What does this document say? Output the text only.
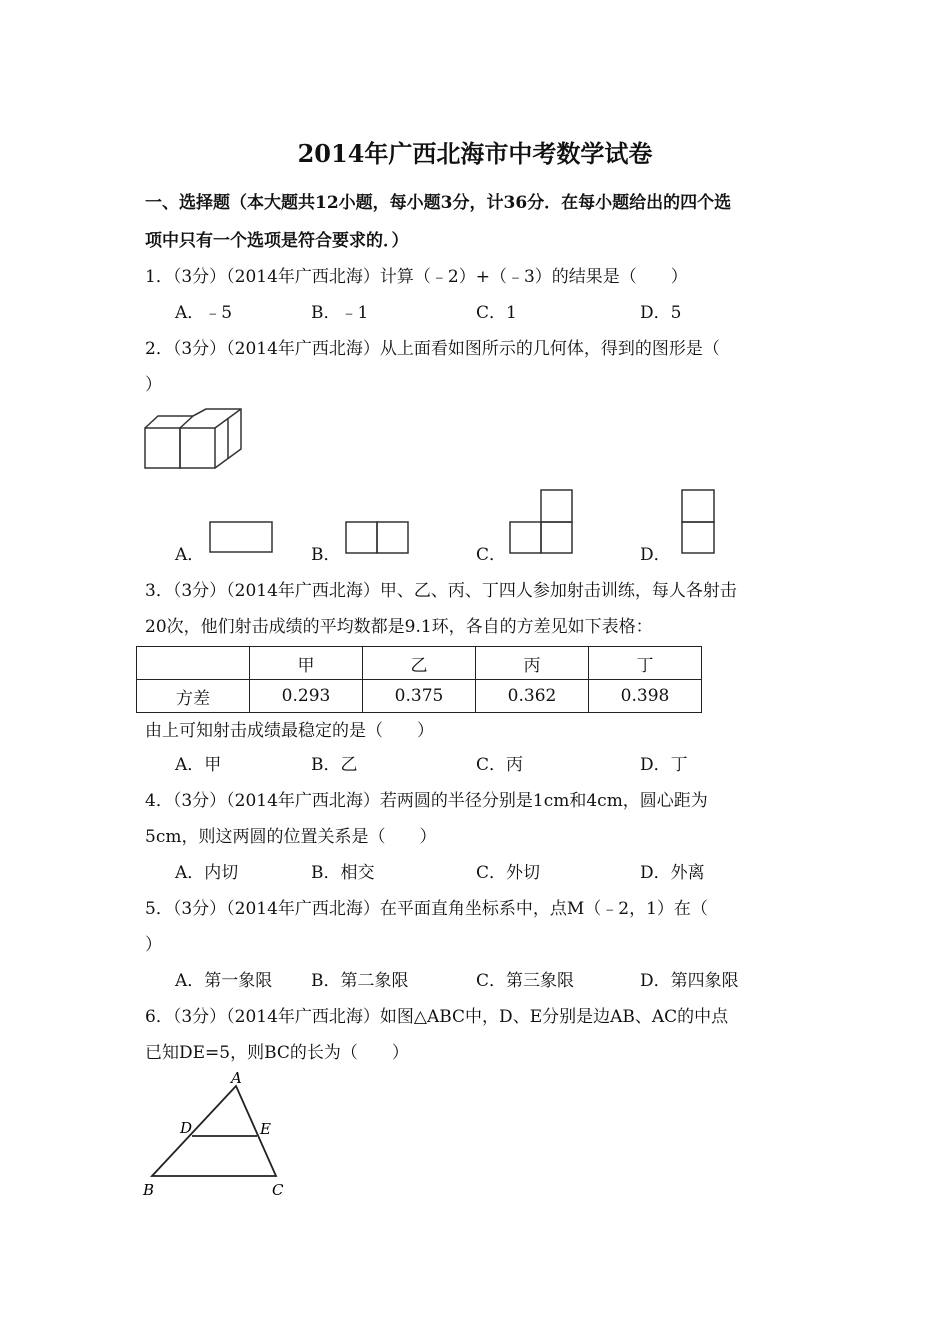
2014年广西北海市中考数学试卷
一、选择题（本大题共12小题，每小题3分，计36分．在每小题给出的四个选
项中只有一个选项是符合要求的．）
1．（3分）（2014年广西北海）计算（﹣2）+（﹣3）的结果是（　　）
A．﹣5	B．﹣1	C．1	D．5
2．（3分）（2014年广西北海）从上面看如图所示的几何体，得到的图形是（
）
A．	B．	C．	D．
3．（3分）（2014年广西北海）甲、乙、丙、丁四人参加射击训练，每人各射击
20次，他们射击成绩的平均数都是9.1环，各自的方差见如下表格：
	甲	乙	丙	丁
方差	0.293	0.375	0.362	0.398
由上可知射击成绩最稳定的是（　　）
A．甲	B．乙	C．丙	D．丁
4．（3分）（2014年广西北海）若两圆的半径分别是1cm和4cm，圆心距为
5cm，则这两圆的位置关系是（　　）
A．内切	B．相交	C．外切	D．外离
5．（3分）（2014年广西北海）在平面直角坐标系中，点M（﹣2，1）在（
）
A．第一象限 B．第二象限	C．第三象限	D．第四象限
6．（3分）（2014年广西北海）如图△ABC中，D、E分别是边AB、AC的中点
已知DE=5，则BC的长为（　　）
A
D	E
B	C
